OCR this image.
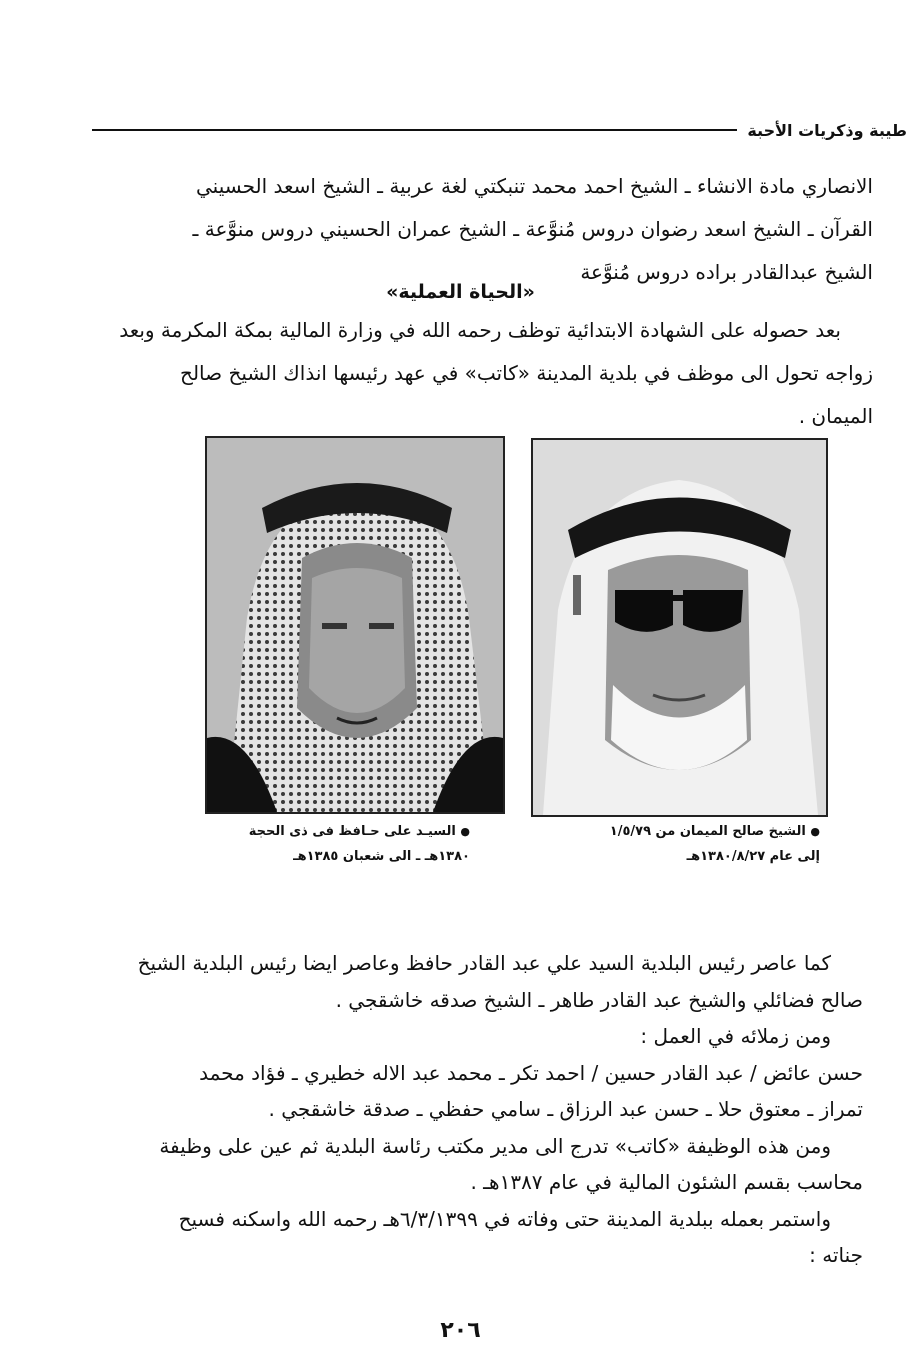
طيبة وذكريات الأحبة
الانصاري مادة الانشاء ـ الشيخ احمد محمد تنبكتي لغة عربية ـ الشيخ اسعد الحسيني
القرآن ـ الشيخ اسعد رضوان دروس مُنوَّعة ـ الشيخ عمران الحسيني دروس منوَّعة ـ
الشيخ عبدالقادر براده دروس مُنوَّعة
«الحياة العملية»
بعد حصوله على الشهادة الابتدائية توظف رحمه الله في وزارة المالية بمكة المكرمة وبعد
زواجه تحول الى موظف في بلدية المدينة «كاتب» في عهد رئيسها انذاك الشيخ صالح
الميمان .
● السيـد على حـافظ فى ذى الحجة
١٣٨٠هـ ـ الى شعبان ١٣٨٥هـ
● الشيخ صالح الميمان من ١/٥/٧٩
إلى عام ١٣٨٠/٨/٢٧هـ
كما عاصر رئيس البلدية السيد علي عبد القادر حافظ وعاصر ايضا رئيس البلدية الشيخ
صالح فضائلي والشيخ عبد القادر طاهر ـ الشيخ صدقه خاشقجي .
ومن زملائه في العمل :
حسن عائض / عبد القادر حسين / احمد تكر ـ محمد عبد الاله خطيري ـ فؤاد محمد
تمراز ـ معتوق حلا ـ حسن عبد الرزاق ـ سامي حفظي ـ صدقة خاشقجي .
ومن هذه الوظيفة «كاتب» تدرج الى مدير مكتب رئاسة البلدية ثم عين على وظيفة
محاسب بقسم الشئون المالية في عام ١٣٨٧هـ .
واستمر بعمله ببلدية المدينة حتى وفاته في ٦/٣/١٣٩٩هـ رحمه الله واسكنه فسيح
جناته :
٢٠٦
